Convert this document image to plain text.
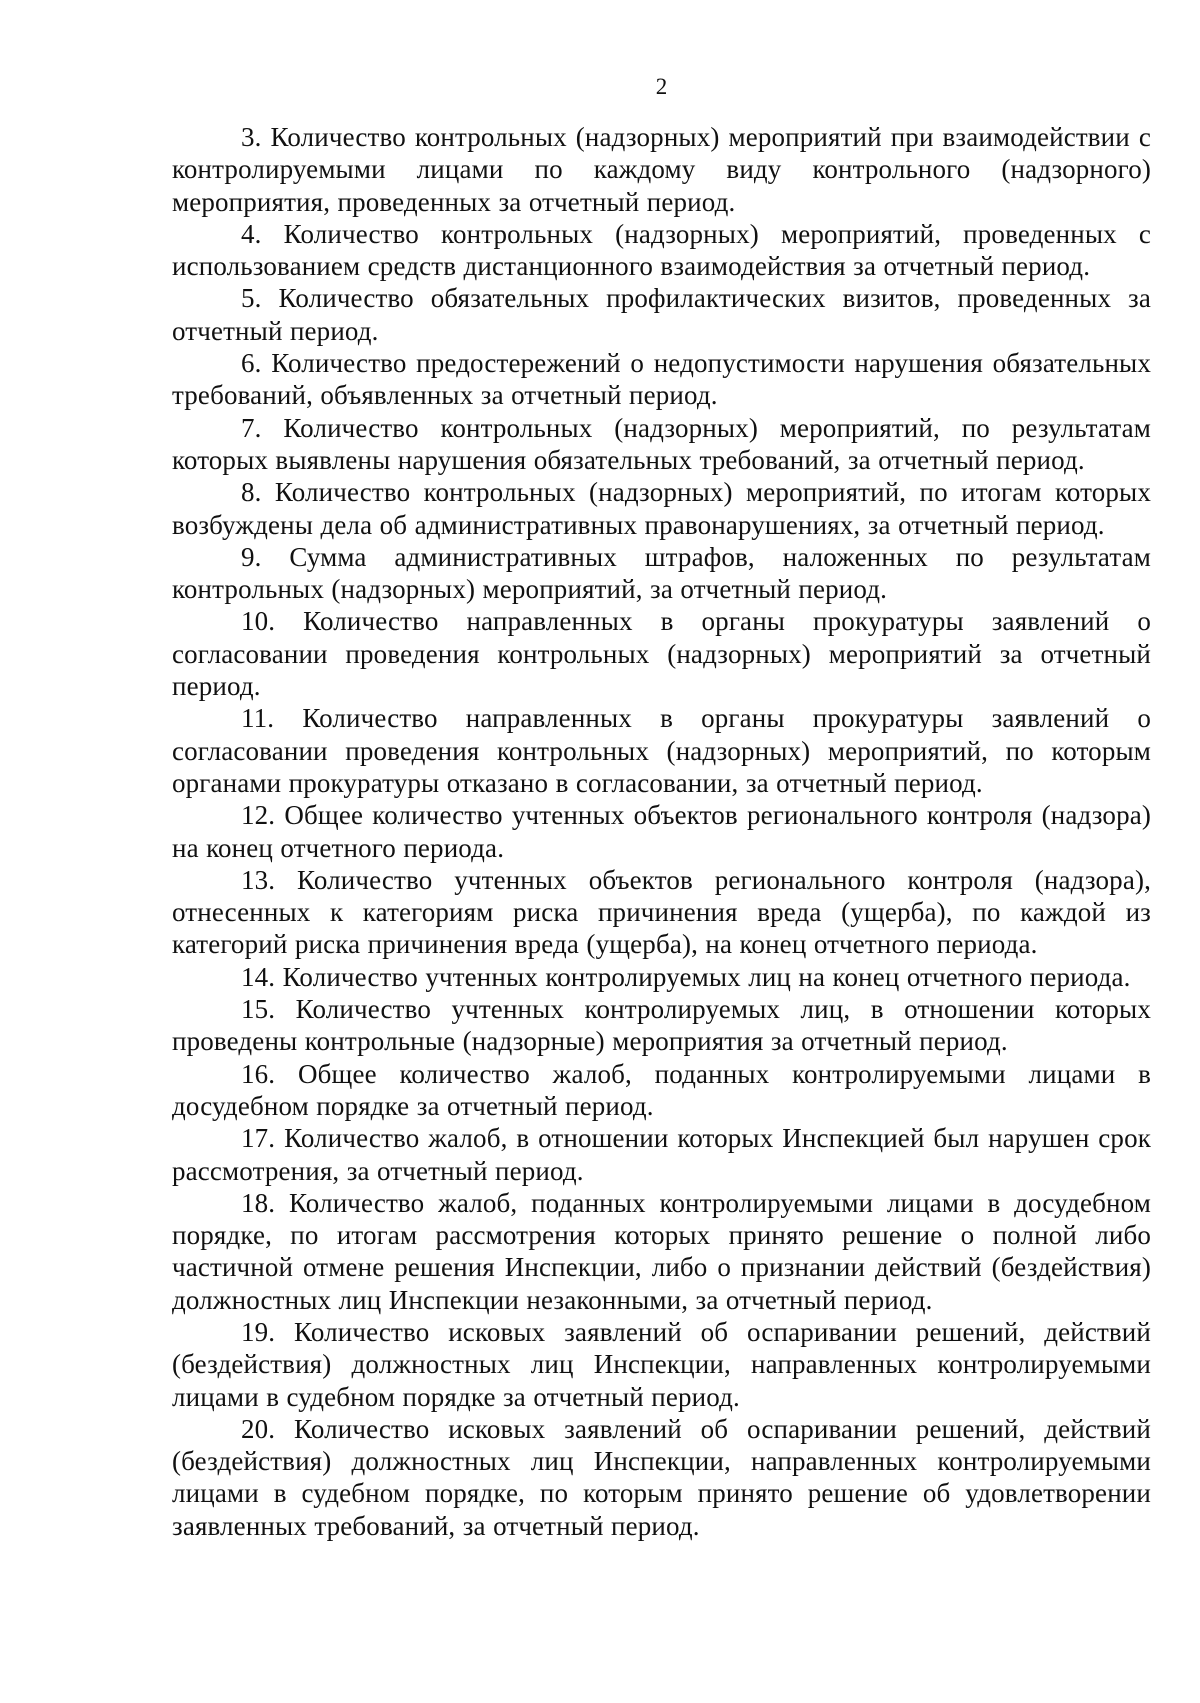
2

3. Количество контрольных (надзорных) мероприятий при взаимодействии с контролируемыми лицами по каждому виду контрольного (надзорного) мероприятия, проведенных за отчетный период.

4. Количество контрольных (надзорных) мероприятий, проведенных с использованием средств дистанционного взаимодействия за отчетный период.

5. Количество обязательных профилактических визитов, проведенных за отчетный период.

6. Количество предостережений о недопустимости нарушения обязательных требований, объявленных за отчетный период.

7. Количество контрольных (надзорных) мероприятий, по результатам которых выявлены нарушения обязательных требований, за отчетный период.

8. Количество контрольных (надзорных) мероприятий, по итогам которых возбуждены дела об административных правонарушениях, за отчетный период.

9. Сумма административных штрафов, наложенных по результатам контрольных (надзорных) мероприятий, за отчетный период.

10. Количество направленных в органы прокуратуры заявлений о согласовании проведения контрольных (надзорных) мероприятий за отчетный период.

11. Количество направленных в органы прокуратуры заявлений о согласовании проведения контрольных (надзорных) мероприятий, по которым органами прокуратуры отказано в согласовании, за отчетный период.

12. Общее количество учтенных объектов регионального контроля (надзора) на конец отчетного периода.

13. Количество учтенных объектов регионального контроля (надзора), отнесенных к категориям риска причинения вреда (ущерба), по каждой из категорий риска причинения вреда (ущерба), на конец отчетного периода.

14. Количество учтенных контролируемых лиц на конец отчетного периода.

15. Количество учтенных контролируемых лиц, в отношении которых проведены контрольные (надзорные) мероприятия за отчетный период.

16. Общее количество жалоб, поданных контролируемыми лицами в досудебном порядке за отчетный период.

17. Количество жалоб, в отношении которых Инспекцией был нарушен срок рассмотрения, за отчетный период.

18. Количество жалоб, поданных контролируемыми лицами в досудебном порядке, по итогам рассмотрения которых принято решение о полной либо частичной отмене решения Инспекции, либо о признании действий (бездействия) должностных лиц Инспекции незаконными, за отчетный период.

19. Количество исковых заявлений об оспаривании решений, действий (бездействия) должностных лиц Инспекции, направленных контролируемыми лицами в судебном порядке за отчетный период.

20. Количество исковых заявлений об оспаривании решений, действий (бездействия) должностных лиц Инспекции, направленных контролируемыми лицами в судебном порядке, по которым принято решение об удовлетворении заявленных требований, за отчетный период.
